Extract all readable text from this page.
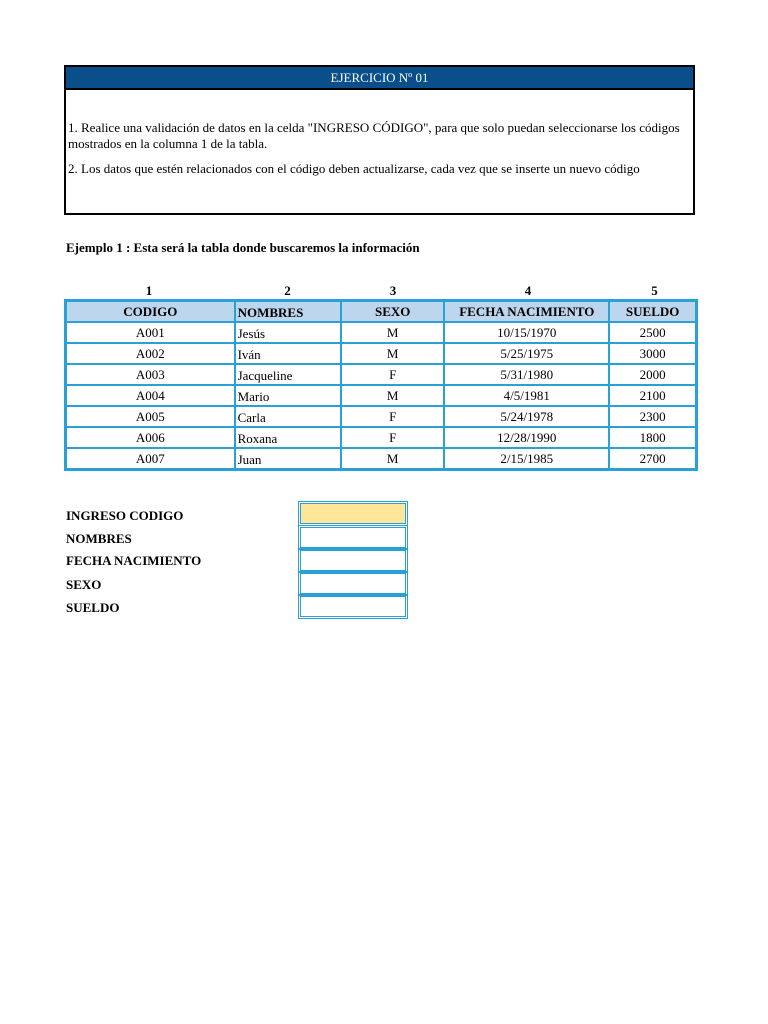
EJERCICIO Nº 01

1. Realice una validación de datos en la celda "INGRESO CÓDIGO", para que solo puedan seleccionarse los códigos mostrados en la columna 1 de la tabla.

2. Los datos que estén relacionados con el código deben actualizarse, cada vez que se inserte un nuevo código

Ejemplo 1 : Esta será la tabla donde buscaremos la información
1	2	3	4	5
CODIGO	NOMBRES	SEXO	FECHA NACIMIENTO	SUELDO
A001	Jesús	M	10/15/1970	2500
A002	Iván	M	5/25/1975	3000
A003	Jacqueline	F	5/31/1980	2000
A004	Mario	M	4/5/1981	2100
A005	Carla	F	5/24/1978	2300
A006	Roxana	F	12/28/1990	1800
A007	Juan	M	2/15/1985	2700
INGRESO CODIGO
NOMBRES
FECHA NACIMIENTO
SEXO
SUELDO
